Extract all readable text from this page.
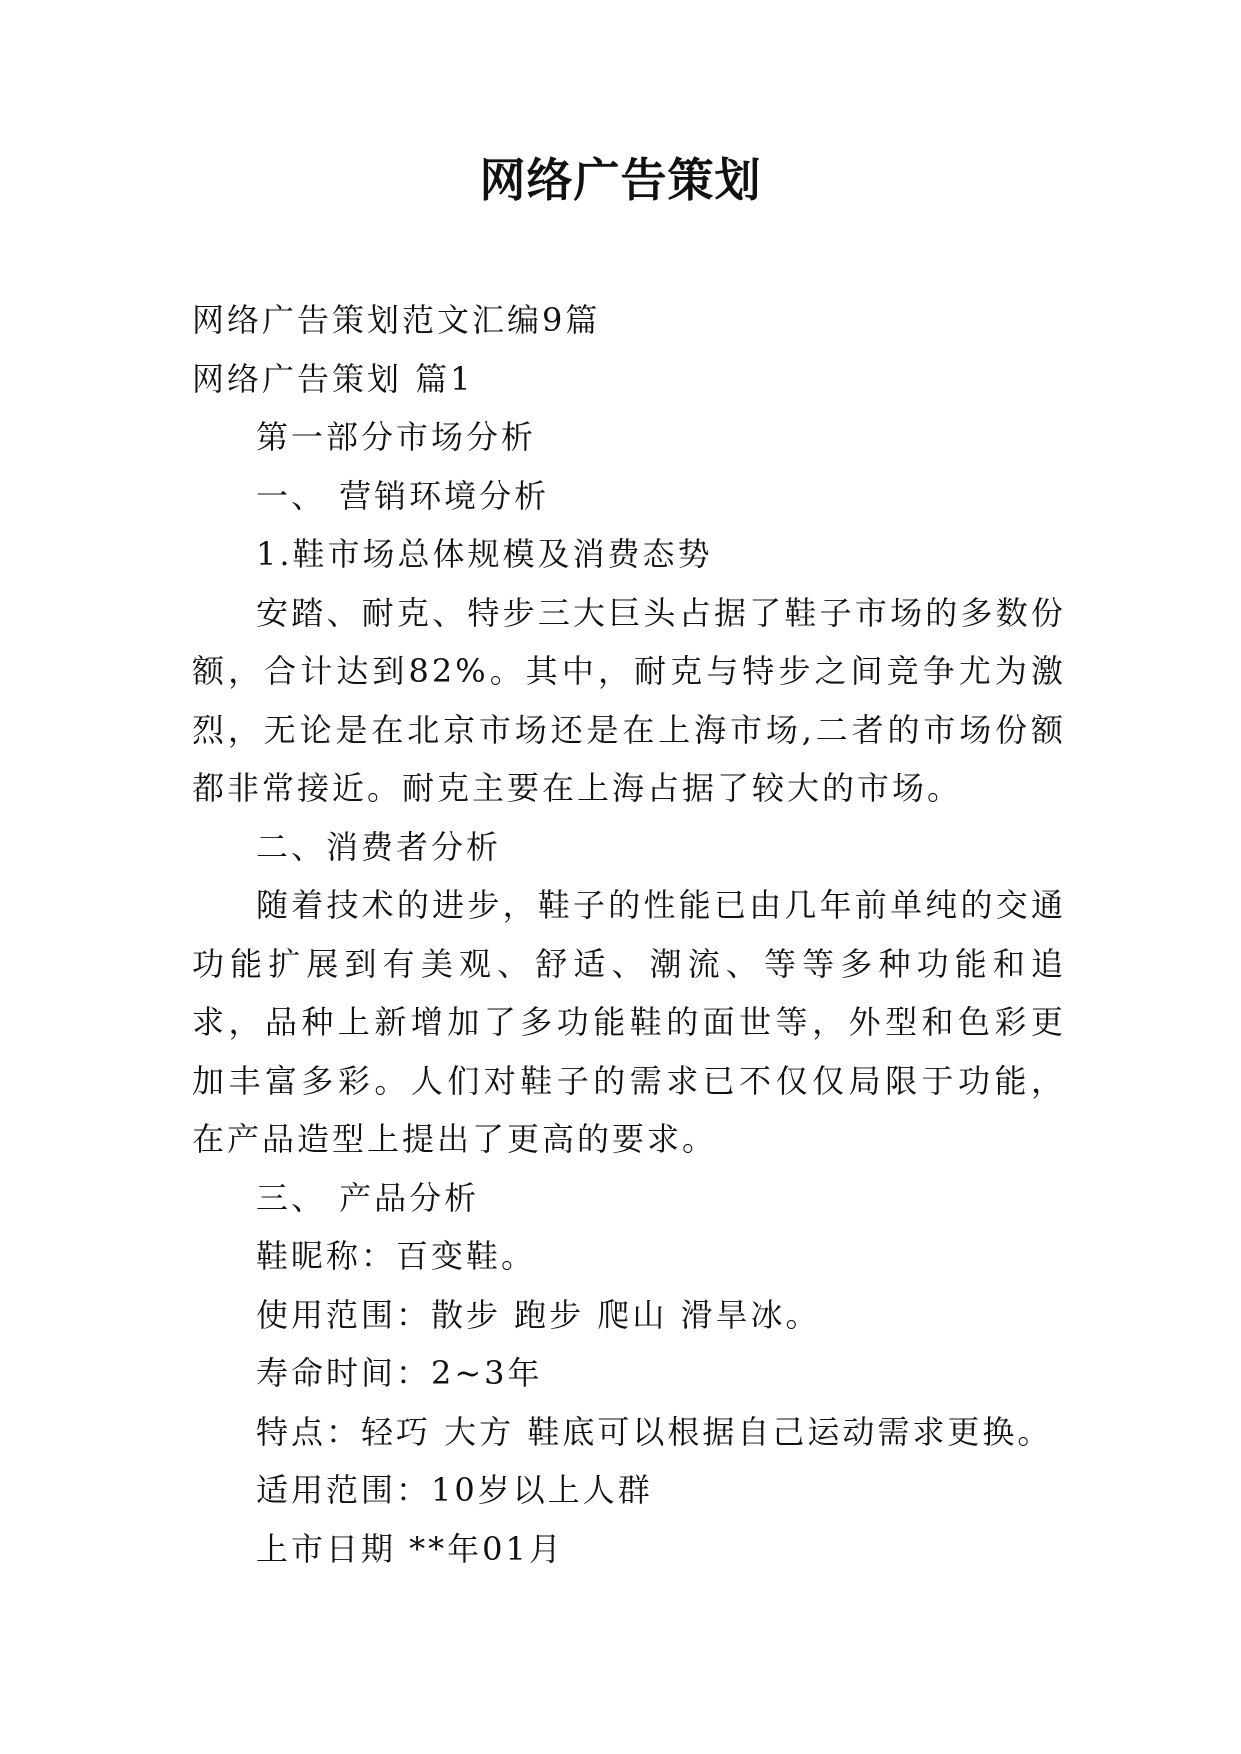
网络广告策划

网络广告策划范文汇编9篇

网络广告策划 篇1

第一部分市场分析

一、 营销环境分析

1.鞋市场总体规模及消费态势

安踏、耐克、特步三大巨头占据了鞋子市场的多数份额，合计达到82%。其中，耐克与特步之间竞争尤为激烈，无论是在北京市场还是在上海市场,二者的市场份额都非常接近。耐克主要在上海占据了较大的市场。

二、消费者分析

随着技术的进步，鞋子的性能已由几年前单纯的交通功能扩展到有美观、舒适、潮流、等等多种功能和追求，品种上新增加了多功能鞋的面世等，外型和色彩更加丰富多彩。人们对鞋子的需求已不仅仅局限于功能，在产品造型上提出了更高的要求。

三、 产品分析

鞋昵称：百变鞋。

使用范围：散步 跑步 爬山 滑旱冰。

寿命时间：2~3年

特点：轻巧 大方 鞋底可以根据自己运动需求更换。

适用范围：10岁以上人群

上市日期 **年01月
